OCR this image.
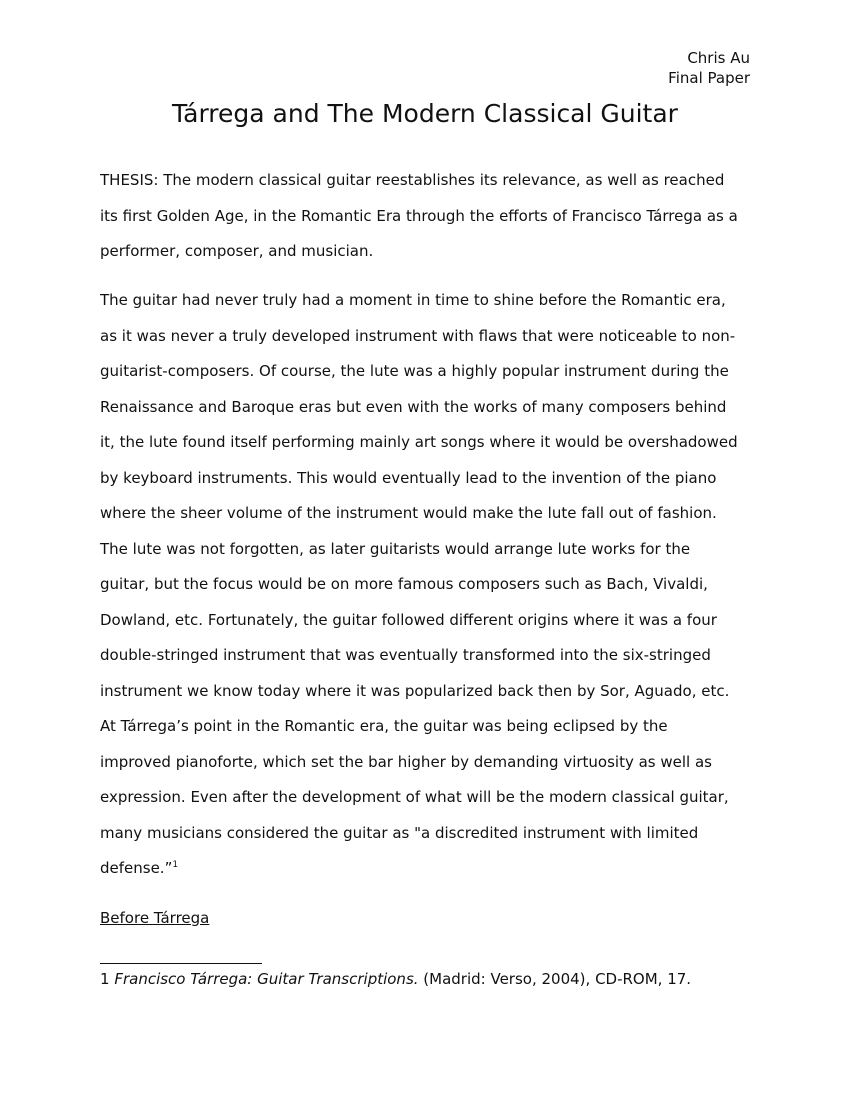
Chris Au
Final Paper
Tárrega and The Modern Classical Guitar

THESIS: The modern classical guitar reestablishes its relevance, as well as reached
its first Golden Age, in the Romantic Era through the efforts of Francisco Tárrega as a
performer, composer, and musician.

The guitar had never truly had a moment in time to shine before the Romantic era,
as it was never a truly developed instrument with flaws that were noticeable to non-
guitarist-composers. Of course, the lute was a highly popular instrument during the
Renaissance and Baroque eras but even with the works of many composers behind
it, the lute found itself performing mainly art songs where it would be overshadowed
by keyboard instruments. This would eventually lead to the invention of the piano
where the sheer volume of the instrument would make the lute fall out of fashion.
The lute was not forgotten, as later guitarists would arrange lute works for the
guitar, but the focus would be on more famous composers such as Bach, Vivaldi,
Dowland, etc. Fortunately, the guitar followed different origins where it was a four
double-stringed instrument that was eventually transformed into the six-stringed
instrument we know today where it was popularized back then by Sor, Aguado, etc.
At Tárrega’s point in the Romantic era, the guitar was being eclipsed by the
improved pianoforte, which set the bar higher by demanding virtuosity as well as
expression. Even after the development of what will be the modern classical guitar,
many musicians considered the guitar as "a discredited instrument with limited
defense.”$^1$

Before Tárrega
1 Francisco Tárrega: Guitar Transcriptions. (Madrid: Verso, 2004), CD-ROM, 17.
